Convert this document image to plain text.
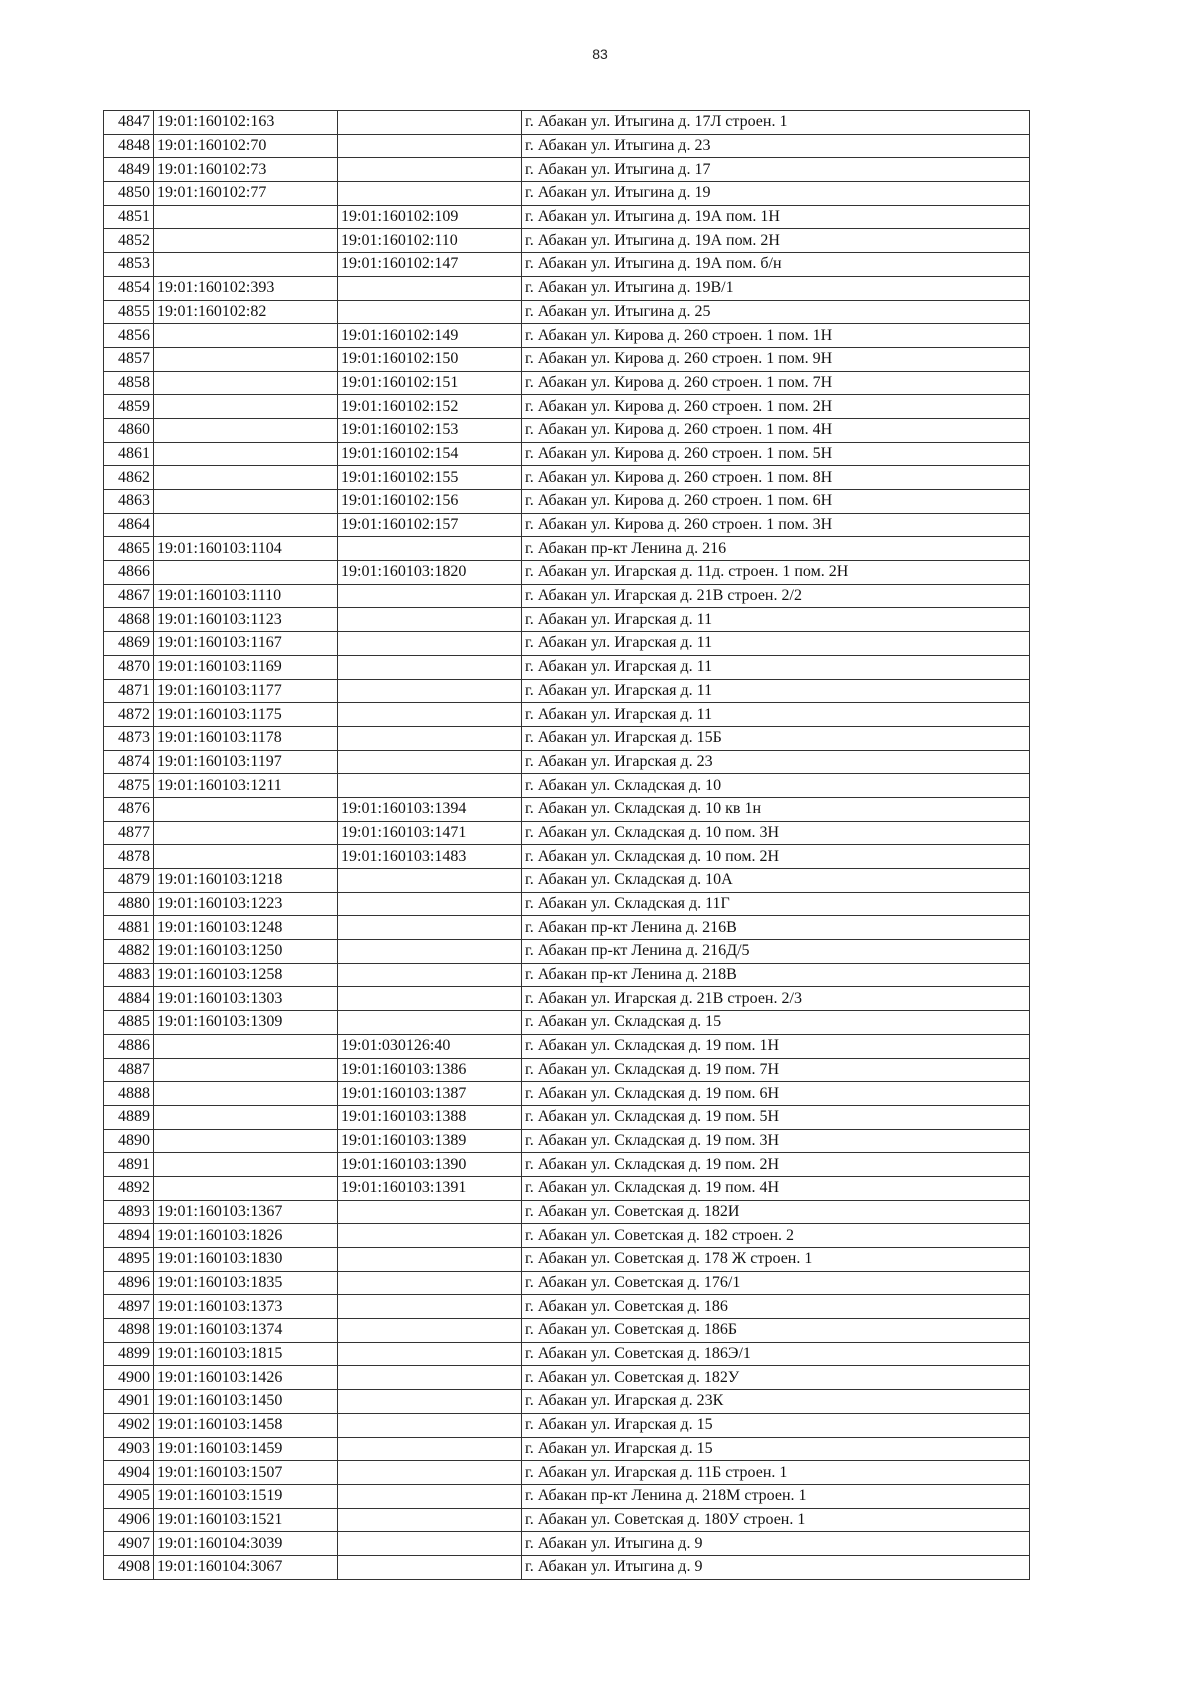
83
4847	19:01:160102:163		г. Абакан ул. Итыгина д. 17Л строен. 1
4848	19:01:160102:70		г. Абакан ул. Итыгина д. 23
4849	19:01:160102:73		г. Абакан ул. Итыгина д. 17
4850	19:01:160102:77		г. Абакан ул. Итыгина д. 19
4851		19:01:160102:109	г. Абакан ул. Итыгина д. 19А пом. 1Н
4852		19:01:160102:110	г. Абакан ул. Итыгина д. 19А пом. 2Н
4853		19:01:160102:147	г. Абакан ул. Итыгина д. 19А пом. б/н
4854	19:01:160102:393		г. Абакан ул. Итыгина д. 19В/1
4855	19:01:160102:82		г. Абакан ул. Итыгина д. 25
4856		19:01:160102:149	г. Абакан ул. Кирова д. 260 строен. 1 пом. 1Н
4857		19:01:160102:150	г. Абакан ул. Кирова д. 260 строен. 1 пом. 9Н
4858		19:01:160102:151	г. Абакан ул. Кирова д. 260 строен. 1 пом. 7Н
4859		19:01:160102:152	г. Абакан ул. Кирова д. 260 строен. 1 пом. 2Н
4860		19:01:160102:153	г. Абакан ул. Кирова д. 260 строен. 1 пом. 4Н
4861		19:01:160102:154	г. Абакан ул. Кирова д. 260 строен. 1 пом. 5Н
4862		19:01:160102:155	г. Абакан ул. Кирова д. 260 строен. 1 пом. 8Н
4863		19:01:160102:156	г. Абакан ул. Кирова д. 260 строен. 1 пом. 6Н
4864		19:01:160102:157	г. Абакан ул. Кирова д. 260 строен. 1 пом. 3Н
4865	19:01:160103:1104		г. Абакан пр-кт Ленина д. 216
4866		19:01:160103:1820	г. Абакан ул. Игарская д. 11д. строен. 1 пом. 2Н
4867	19:01:160103:1110		г. Абакан ул. Игарская д. 21В строен. 2/2
4868	19:01:160103:1123		г. Абакан ул. Игарская д. 11
4869	19:01:160103:1167		г. Абакан ул. Игарская д. 11
4870	19:01:160103:1169		г. Абакан ул. Игарская д. 11
4871	19:01:160103:1177		г. Абакан ул. Игарская д. 11
4872	19:01:160103:1175		г. Абакан ул. Игарская д. 11
4873	19:01:160103:1178		г. Абакан ул. Игарская д. 15Б
4874	19:01:160103:1197		г. Абакан ул. Игарская д. 23
4875	19:01:160103:1211		г. Абакан ул. Складская д. 10
4876		19:01:160103:1394	г. Абакан ул. Складская д. 10 кв 1н
4877		19:01:160103:1471	г. Абакан ул. Складская д. 10 пом. 3Н
4878		19:01:160103:1483	г. Абакан ул. Складская д. 10 пом. 2Н
4879	19:01:160103:1218		г. Абакан ул. Складская д. 10А
4880	19:01:160103:1223		г. Абакан ул. Складская д. 11Г
4881	19:01:160103:1248		г. Абакан пр-кт Ленина д. 216В
4882	19:01:160103:1250		г. Абакан пр-кт Ленина д. 216Д/5
4883	19:01:160103:1258		г. Абакан пр-кт Ленина д. 218В
4884	19:01:160103:1303		г. Абакан ул. Игарская д. 21В строен. 2/3
4885	19:01:160103:1309		г. Абакан ул. Складская д. 15
4886		19:01:030126:40	г. Абакан ул. Складская д. 19 пом. 1Н
4887		19:01:160103:1386	г. Абакан ул. Складская д. 19 пом. 7Н
4888		19:01:160103:1387	г. Абакан ул. Складская д. 19 пом. 6Н
4889		19:01:160103:1388	г. Абакан ул. Складская д. 19 пом. 5Н
4890		19:01:160103:1389	г. Абакан ул. Складская д. 19 пом. 3Н
4891		19:01:160103:1390	г. Абакан ул. Складская д. 19 пом. 2Н
4892		19:01:160103:1391	г. Абакан ул. Складская д. 19 пом. 4Н
4893	19:01:160103:1367		г. Абакан ул. Советская д. 182И
4894	19:01:160103:1826		г. Абакан ул. Советская д. 182 строен. 2
4895	19:01:160103:1830		г. Абакан ул. Советская д. 178 Ж строен. 1
4896	19:01:160103:1835		г. Абакан ул. Советская д. 176/1
4897	19:01:160103:1373		г. Абакан ул. Советская д. 186
4898	19:01:160103:1374		г. Абакан ул. Советская д. 186Б
4899	19:01:160103:1815		г. Абакан ул. Советская д. 186Э/1
4900	19:01:160103:1426		г. Абакан ул. Советская д. 182У
4901	19:01:160103:1450		г. Абакан ул. Игарская д. 23К
4902	19:01:160103:1458		г. Абакан ул. Игарская д. 15
4903	19:01:160103:1459		г. Абакан ул. Игарская д. 15
4904	19:01:160103:1507		г. Абакан ул. Игарская д. 11Б строен. 1
4905	19:01:160103:1519		г. Абакан пр-кт Ленина д. 218М строен. 1
4906	19:01:160103:1521		г. Абакан ул. Советская д. 180У строен. 1
4907	19:01:160104:3039		г. Абакан ул. Итыгина д. 9
4908	19:01:160104:3067		г. Абакан ул. Итыгина д. 9
